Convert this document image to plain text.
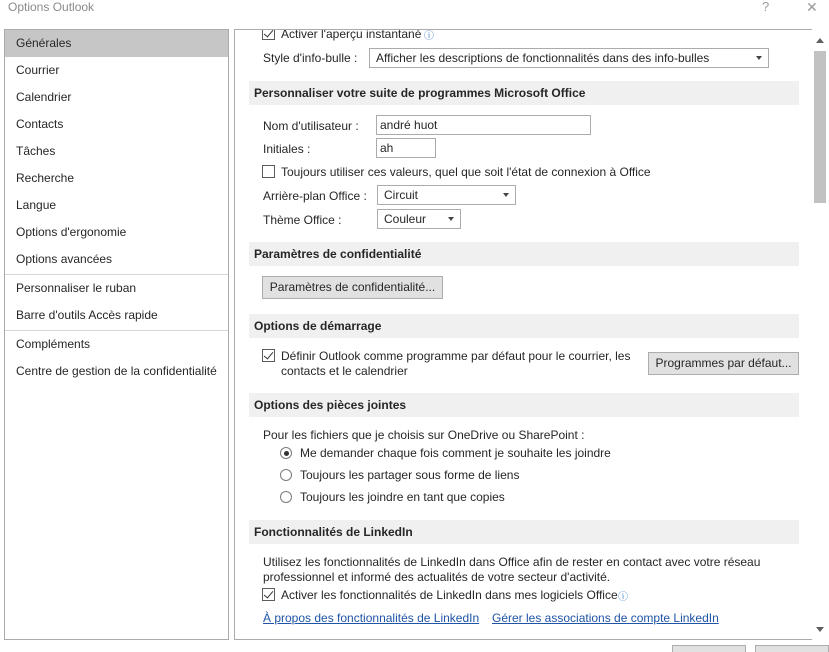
Options Outlook	?	✕
Générales
Courrier
Calendrier
Contacts
Tâches
Recherche
Langue
Options d'ergonomie
Options avancées
Personnaliser le ruban
Barre d'outils Accès rapide
Compléments
Centre de gestion de la confidentialité
Activer l'aperçu instantané ⓘ
Style d'info-bulle :	Afficher les descriptions de fonctionnalités dans des info-bulles
Personnaliser votre suite de programmes Microsoft Office
Nom d'utilisateur :	andré huot
Initiales :	ah
Toujours utiliser ces valeurs, quel que soit l'état de connexion à Office
Arrière-plan Office :	Circuit
Thème Office :	Couleur
Paramètres de confidentialité
Paramètres de confidentialité...
Options de démarrage
Définir Outlook comme programme par défaut pour le courrier, les
contacts et le calendrier
Programmes par défaut...
Options des pièces jointes
Pour les fichiers que je choisis sur OneDrive ou SharePoint :
Me demander chaque fois comment je souhaite les joindre
Toujours les partager sous forme de liens
Toujours les joindre en tant que copies
Fonctionnalités de LinkedIn
Utilisez les fonctionnalités de LinkedIn dans Office afin de rester en contact avec votre réseau
professionnel et informé des actualités de votre secteur d'activité.
Activer les fonctionnalités de LinkedIn dans mes logiciels Office ⓘ
À propos des fonctionnalités de LinkedIn Gérer les associations de compte LinkedIn
